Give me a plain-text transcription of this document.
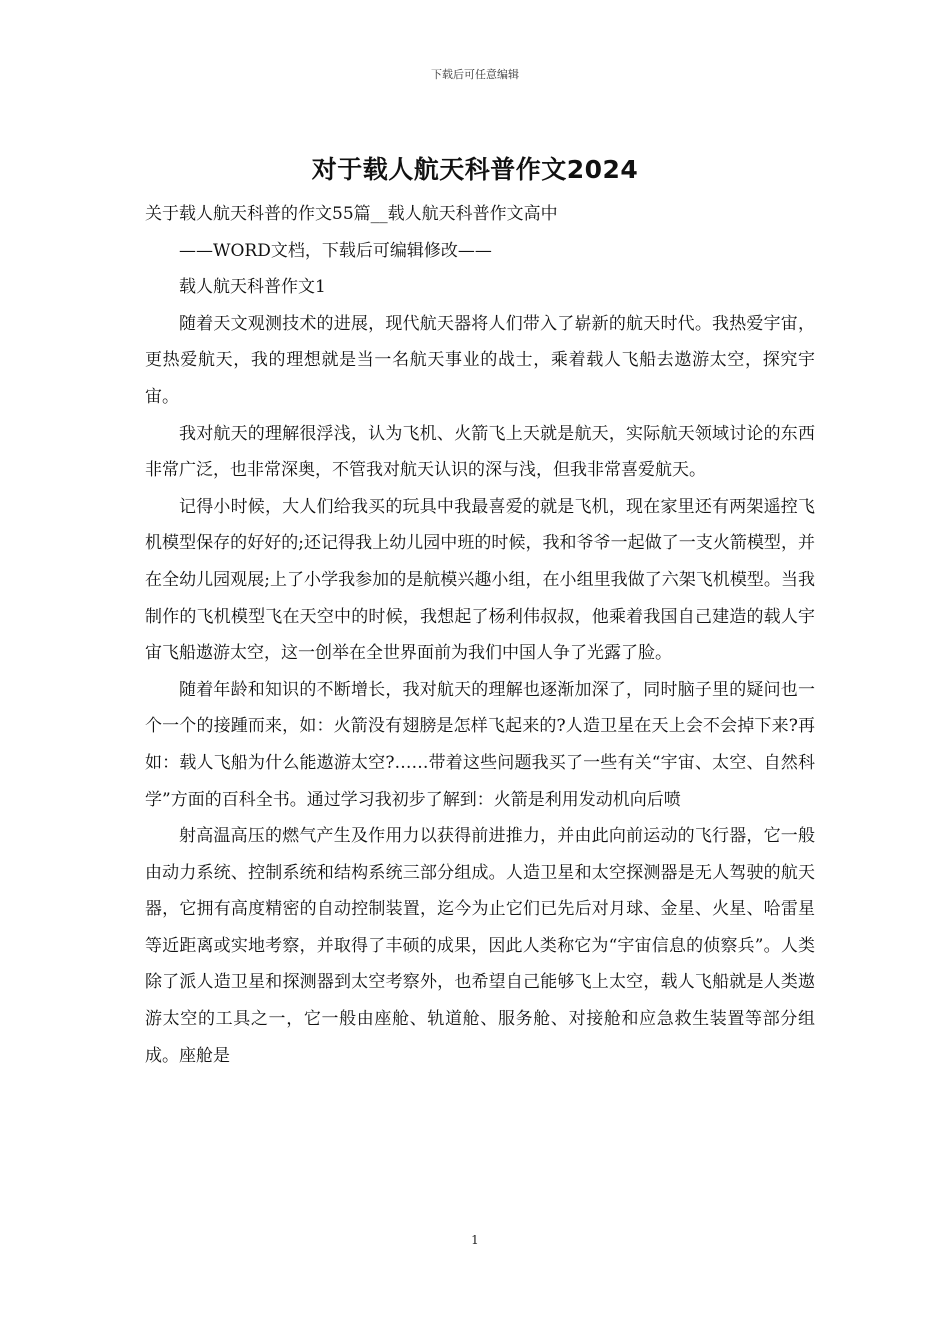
下载后可任意编辑
对于载人航天科普作文2024

关于载人航天科普的作文55篇__载人航天科普作文高中

——WORD文档，下载后可编辑修改——

载人航天科普作文1

随着天文观测技术的进展，现代航天器将人们带入了崭新的航天时代。我热爱宇宙，更热爱航天，我的理想就是当一名航天事业的战士，乘着载人飞船去遨游太空，探究宇宙。

我对航天的理解很浮浅，认为飞机、火箭飞上天就是航天，实际航天领域讨论的东西非常广泛，也非常深奥，不管我对航天认识的深与浅，但我非常喜爱航天。

记得小时候，大人们给我买的玩具中我最喜爱的就是飞机，现在家里还有两架遥控飞机模型保存的好好的;还记得我上幼儿园中班的时候，我和爷爷一起做了一支火箭模型，并在全幼儿园观展;上了小学我参加的是航模兴趣小组，在小组里我做了六架飞机模型。当我制作的飞机模型飞在天空中的时候，我想起了杨利伟叔叔，他乘着我国自己建造的载人宇宙飞船遨游太空，这一创举在全世界面前为我们中国人争了光露了脸。

随着年龄和知识的不断增长，我对航天的理解也逐渐加深了，同时脑子里的疑问也一个一个的接踵而来，如：火箭没有翅膀是怎样飞起来的?人造卫星在天上会不会掉下来?再如：载人飞船为什么能遨游太空?……带着这些问题我买了一些有关“宇宙、太空、自然科学”方面的百科全书。通过学习我初步了解到：火箭是利用发动机向后喷

射高温高压的燃气产生及作用力以获得前进推力，并由此向前运动的飞行器，它一般由动力系统、控制系统和结构系统三部分组成。人造卫星和太空探测器是无人驾驶的航天器，它拥有高度精密的自动控制装置，迄今为止它们已先后对月球、金星、火星、哈雷星等近距离或实地考察，并取得了丰硕的成果，因此人类称它为“宇宙信息的侦察兵”。人类除了派人造卫星和探测器到太空考察外，也希望自己能够飞上太空，载人飞船就是人类遨游太空的工具之一，它一般由座舱、轨道舱、服务舱、对接舱和应急救生装置等部分组成。座舱是

1
